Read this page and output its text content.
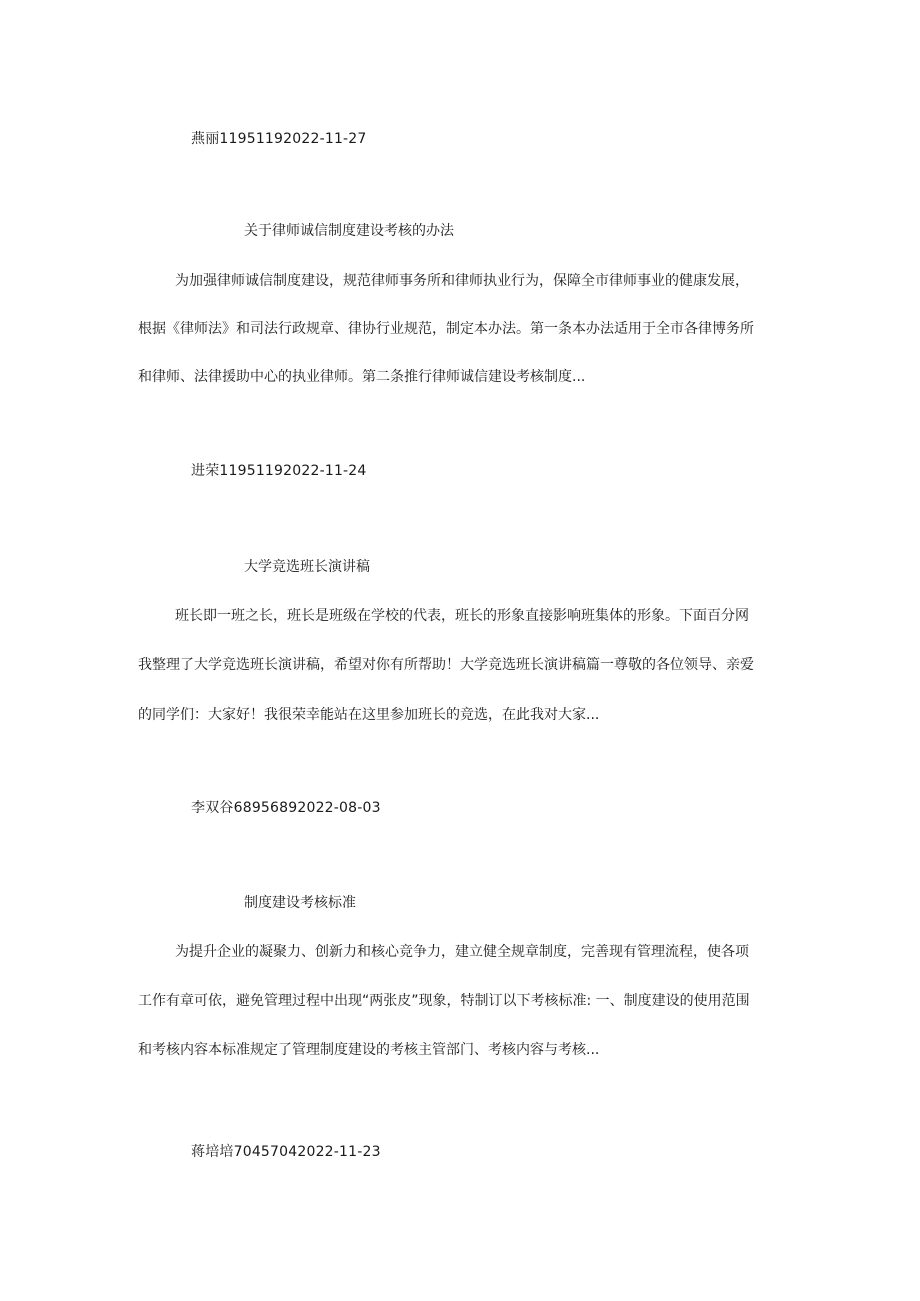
燕丽11951192022-11-27
关于律师诚信制度建设考核的办法
为加强律师诚信制度建设，规范律师事务所和律师执业行为，保障全市律师事业的健康发展，
根据《律师法》和司法行政规章、律协行业规范，制定本办法。第一条本办法适用于全市各律博务所
和律师、法律援助中心的执业律师。第二条推行律师诚信建设考核制度...
进荣11951192022-11-24
大学竞选班长演讲稿
班长即一班之长，班长是班级在学校的代表，班长的形象直接影响班集体的形象。下面百分网
我整理了大学竞选班长演讲稿，希望对你有所帮助！大学竞选班长演讲稿篇一尊敬的各位领导、亲爱
的同学们：大家好！我很荣幸能站在这里参加班长的竞选，在此我对大家...
李双谷68956892022-08-03
制度建设考核标准
为提升企业的凝聚力、创新力和核心竞争力，建立健全规章制度，完善现有管理流程，使各项
工作有章可依，避免管理过程中出现“两张皮”现象，特制订以下考核标准: 一、制度建设的使用范围
和考核内容本标准规定了管理制度建设的考核主管部门、考核内容与考核...
蒋培培70457042022-11-23
